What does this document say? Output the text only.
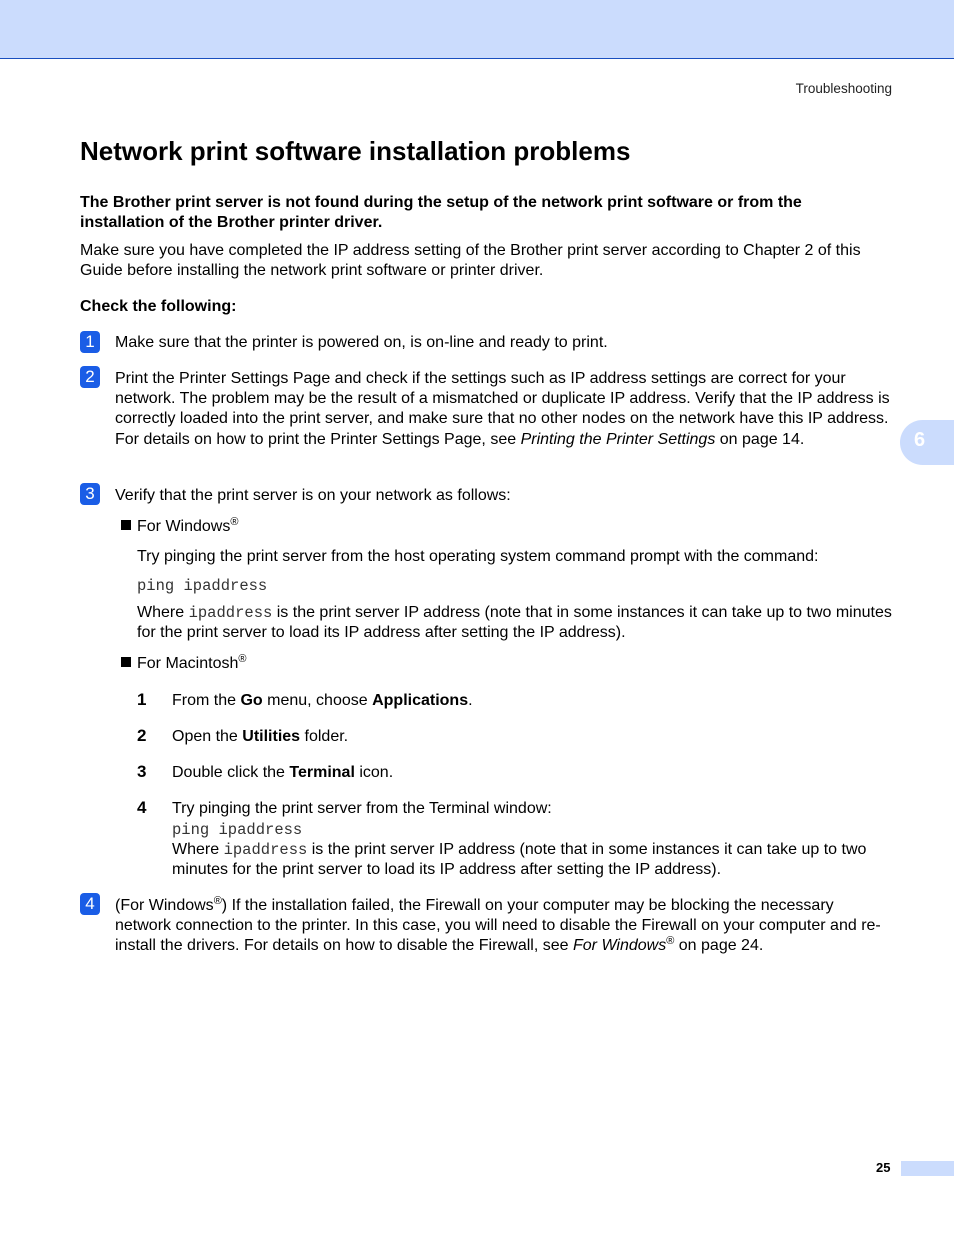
Troubleshooting
6
Network print software installation problems

The Brother print server is not found during the setup of the network print software or from the installation of the Brother printer driver.

Make sure you have completed the IP address setting of the Brother print server according to Chapter 2 of this Guide before installing the network print software or printer driver.

Check the following:

1	Make sure that the printer is powered on, is on-line and ready to print.

2	Print the Printer Settings Page and check if the settings such as IP address settings are correct for your network. The problem may be the result of a mismatched or duplicate IP address. Verify that the IP address is correctly loaded into the print server, and make sure that no other nodes on the network have this IP address. For details on how to print the Printer Settings Page, see Printing the Printer Settings on page 14.

3	Verify that the print server is on your network as follows:

For Windows®

Try pinging the print server from the host operating system command prompt with the command:

ping ipaddress

Where ipaddress is the print server IP address (note that in some instances it can take up to two minutes for the print server to load its IP address after setting the IP address).

For Macintosh®

1 From the Go menu, choose Applications.

2 Open the Utilities folder.

3 Double click the Terminal icon.

4 Try pinging the print server from the Terminal window:

ping ipaddress

Where ipaddress is the print server IP address (note that in some instances it can take up to two minutes for the print server to load its IP address after setting the IP address).

4	(For Windows®) If the installation failed, the Firewall on your computer may be blocking the necessary network connection to the printer. In this case, you will need to disable the Firewall on your computer and re-install the drivers. For details on how to disable the Firewall, see For Windows® on page 24.

25
